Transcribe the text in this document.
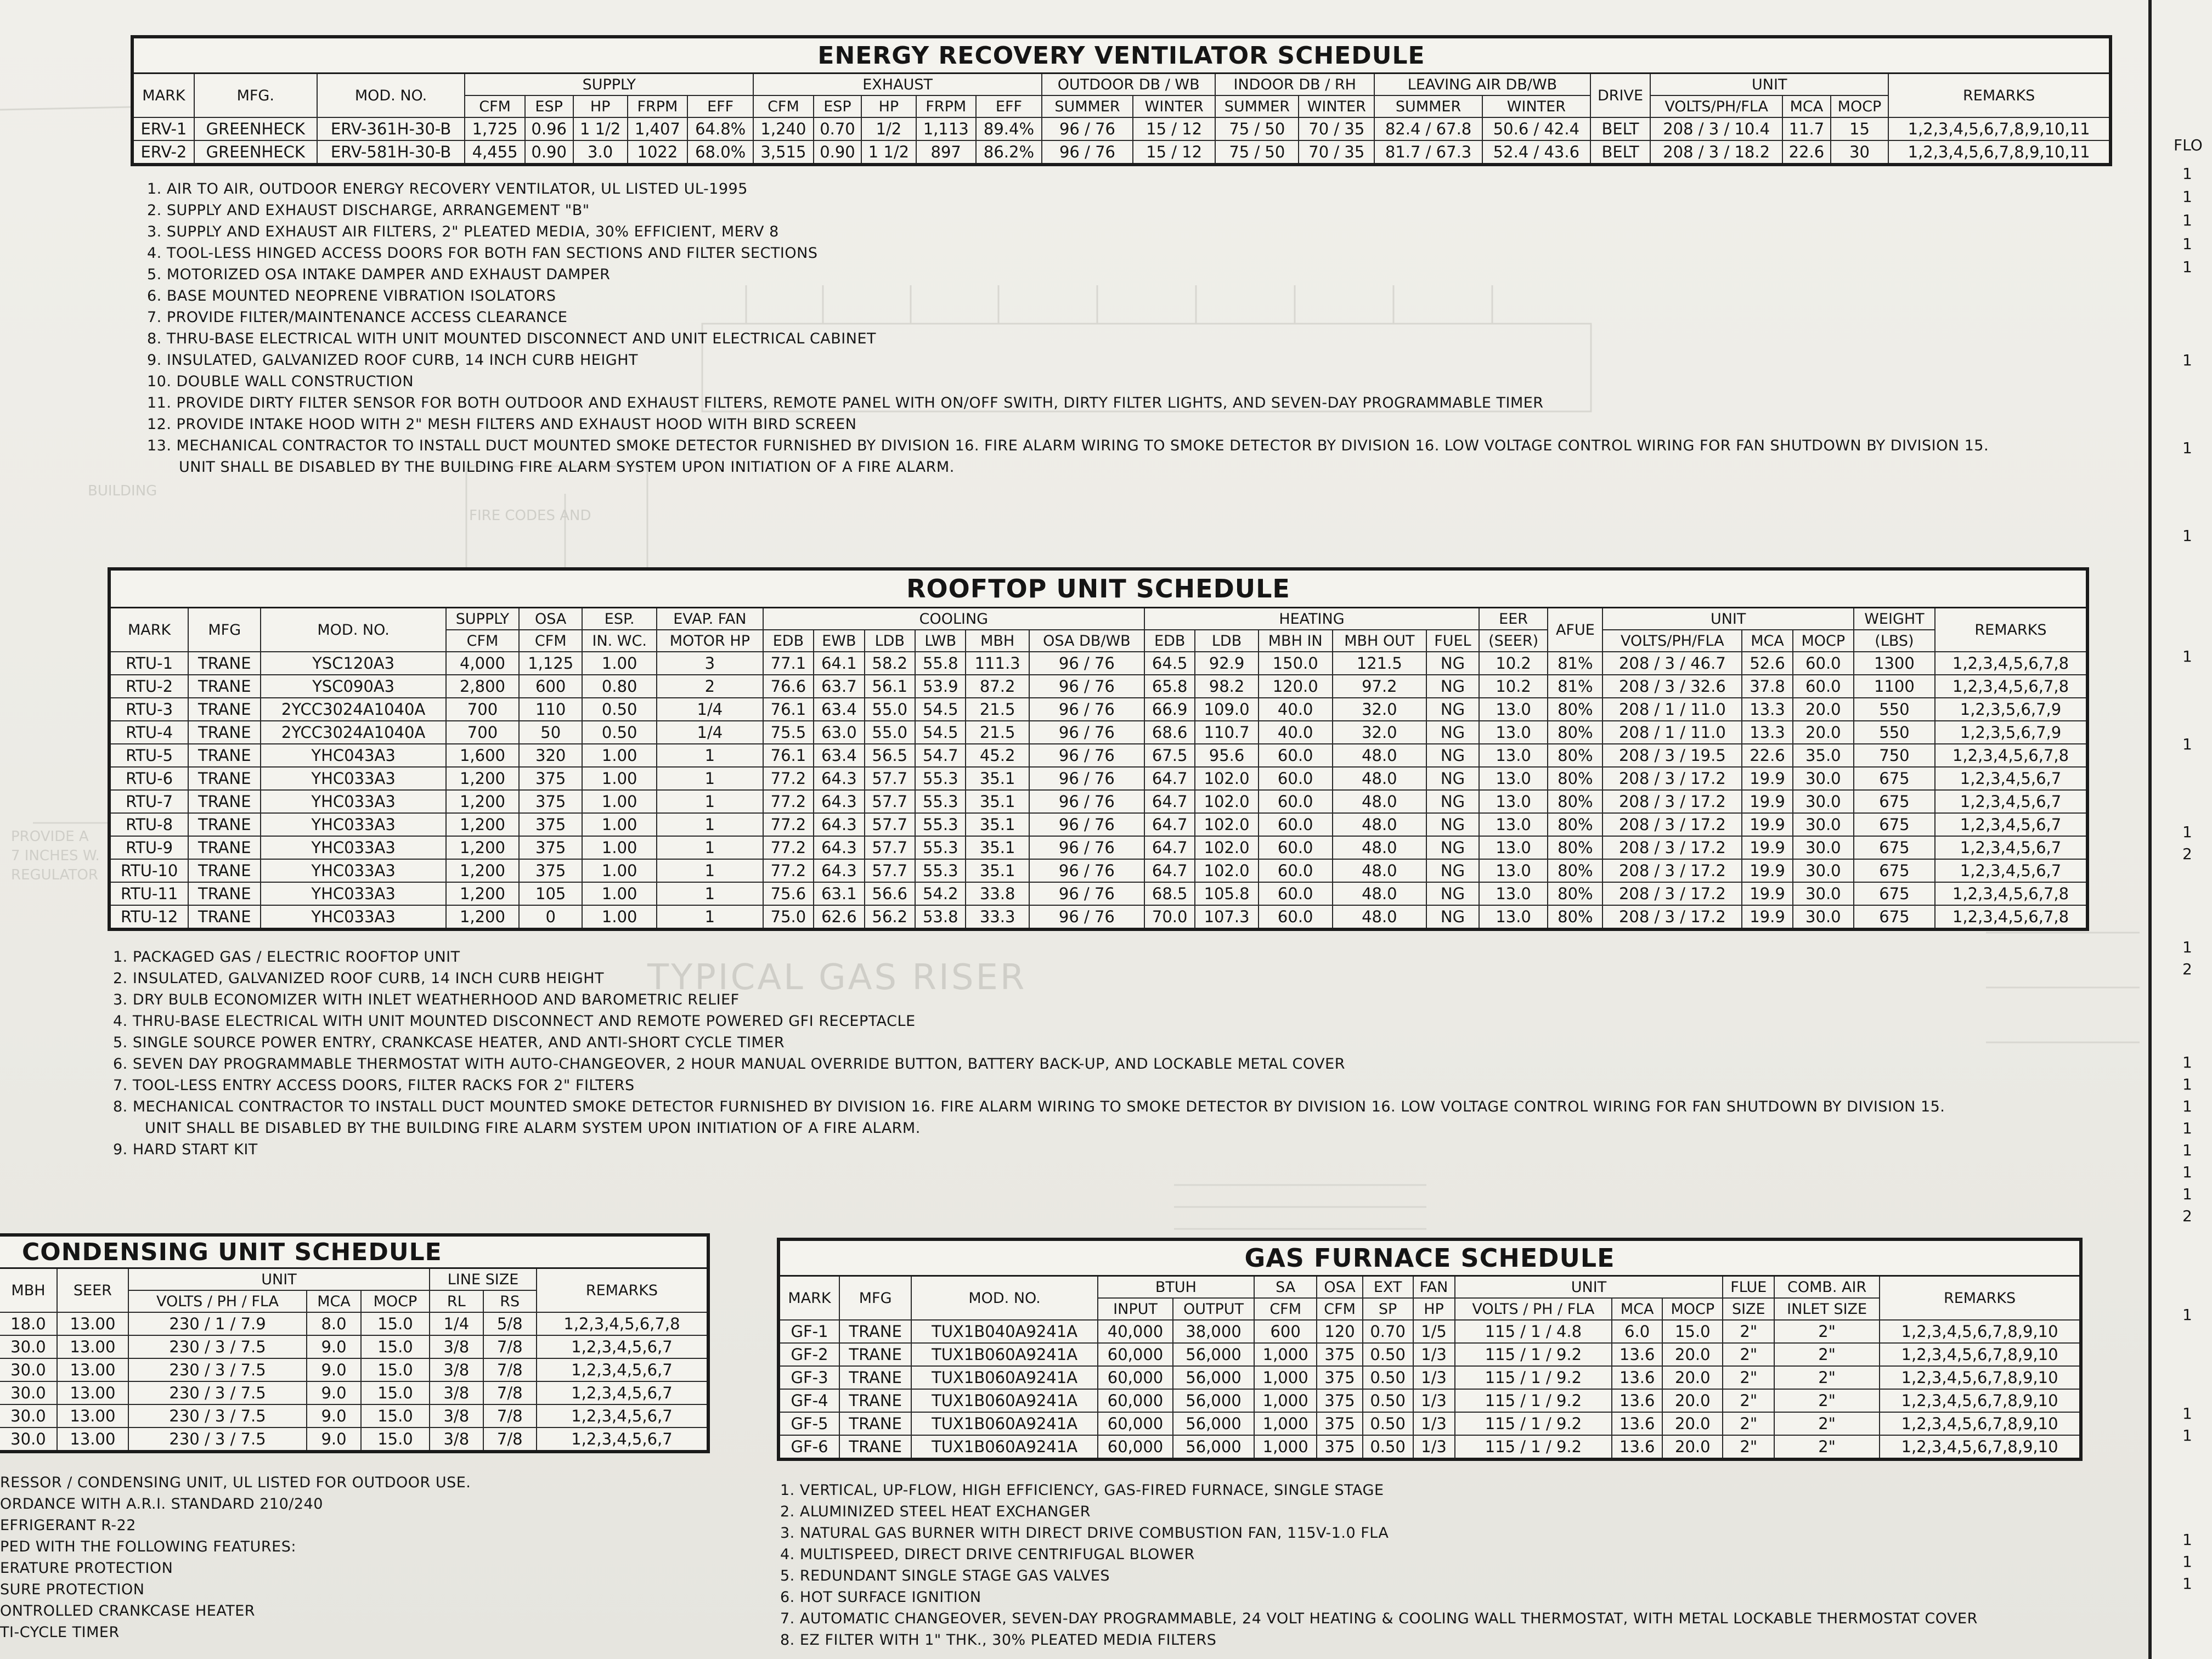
TYPICAL GAS RISER
FIRE CODES AND
BUILDING
PROVIDE A
7 INCHES W.
REGULATOR
ENERGY RECOVERY VENTILATOR SCHEDULE																							
MARK	MFG.	MOD. NO.	SUPPLY					EXHAUST					OUTDOOR DB / WB		INDOOR DB / RH		LEAVING AIR DB/WB		DRIVE	UNIT			REMARKS
			CFM	ESP	HP	FRPM	EFF	CFM	ESP	HP	FRPM	EFF	SUMMER	WINTER	SUMMER	WINTER	SUMMER	WINTER		VOLTS/PH/FLA	MCA	MOCP	
ERV-1	GREENHECK	ERV-361H-30-B	1,725	0.96	1 1/2	1,407	64.8%	1,240	0.70	1/2	1,113	89.4%	96 / 76	15 / 12	75 / 50	70 / 35	82.4 / 67.8	50.6 / 42.4	BELT	208 / 3 / 10.4	11.7	15	1,2,3,4,5,6,7,8,9,10,11
ERV-2	GREENHECK	ERV-581H-30-B	4,455	0.90	3.0	1022	68.0%	3,515	0.90	1 1/2	897	86.2%	96 / 76	15 / 12	75 / 50	70 / 35	81.7 / 67.3	52.4 / 43.6	BELT	208 / 3 / 18.2	22.6	30	1,2,3,4,5,6,7,8,9,10,11
1. AIR TO AIR, OUTDOOR ENERGY RECOVERY VENTILATOR, UL LISTED UL-1995
2. SUPPLY AND EXHAUST DISCHARGE, ARRANGEMENT "B"
3. SUPPLY AND EXHAUST AIR FILTERS, 2" PLEATED MEDIA, 30% EFFICIENT, MERV 8
4. TOOL-LESS HINGED ACCESS DOORS FOR BOTH FAN SECTIONS AND FILTER SECTIONS
5. MOTORIZED OSA INTAKE DAMPER AND EXHAUST DAMPER
6. BASE MOUNTED NEOPRENE VIBRATION ISOLATORS
7. PROVIDE FILTER/MAINTENANCE ACCESS CLEARANCE
8. THRU-BASE ELECTRICAL WITH UNIT MOUNTED DISCONNECT AND UNIT ELECTRICAL CABINET
9. INSULATED, GALVANIZED ROOF CURB, 14 INCH CURB HEIGHT
10. DOUBLE WALL CONSTRUCTION
11. PROVIDE DIRTY FILTER SENSOR FOR BOTH OUTDOOR AND EXHAUST FILTERS, REMOTE PANEL WITH ON/OFF SWITH, DIRTY FILTER LIGHTS, AND SEVEN-DAY PROGRAMMABLE TIMER
12. PROVIDE INTAKE HOOD WITH 2" MESH FILTERS AND EXHAUST HOOD WITH BIRD SCREEN
13. MECHANICAL CONTRACTOR TO INSTALL DUCT MOUNTED SMOKE DETECTOR FURNISHED BY DIVISION 16. FIRE ALARM WIRING TO SMOKE DETECTOR BY DIVISION 16. LOW VOLTAGE CONTROL WIRING FOR FAN SHUTDOWN BY DIVISION 15.
UNIT SHALL BE DISABLED BY THE BUILDING FIRE ALARM SYSTEM UPON INITIATION OF A FIRE ALARM.
ROOFTOP UNIT SCHEDULE																								
MARK	MFG	MOD. NO.	SUPPLY	OSA	ESP.	EVAP. FAN	COOLING						HEATING					EER	AFUE	UNIT			WEIGHT	REMARKS
			CFM	CFM	IN. WC.	MOTOR HP	EDB	EWB	LDB	LWB	MBH	OSA DB/WB	EDB	LDB	MBH IN	MBH OUT	FUEL	(SEER)		VOLTS/PH/FLA	MCA	MOCP	(LBS)	
RTU-1	TRANE	YSC120A3	4,000	1,125	1.00	3	77.1	64.1	58.2	55.8	111.3	96 / 76	64.5	92.9	150.0	121.5	NG	10.2	81%	208 / 3 / 46.7	52.6	60.0	1300	1,2,3,4,5,6,7,8
RTU-2	TRANE	YSC090A3	2,800	600	0.80	2	76.6	63.7	56.1	53.9	87.2	96 / 76	65.8	98.2	120.0	97.2	NG	10.2	81%	208 / 3 / 32.6	37.8	60.0	1100	1,2,3,4,5,6,7,8
RTU-3	TRANE	2YCC3024A1040A	700	110	0.50	1/4	76.1	63.4	55.0	54.5	21.5	96 / 76	66.9	109.0	40.0	32.0	NG	13.0	80%	208 / 1 / 11.0	13.3	20.0	550	1,2,3,5,6,7,9
RTU-4	TRANE	2YCC3024A1040A	700	50	0.50	1/4	75.5	63.0	55.0	54.5	21.5	96 / 76	68.6	110.7	40.0	32.0	NG	13.0	80%	208 / 1 / 11.0	13.3	20.0	550	1,2,3,5,6,7,9
RTU-5	TRANE	YHC043A3	1,600	320	1.00	1	76.1	63.4	56.5	54.7	45.2	96 / 76	67.5	95.6	60.0	48.0	NG	13.0	80%	208 / 3 / 19.5	22.6	35.0	750	1,2,3,4,5,6,7,8
RTU-6	TRANE	YHC033A3	1,200	375	1.00	1	77.2	64.3	57.7	55.3	35.1	96 / 76	64.7	102.0	60.0	48.0	NG	13.0	80%	208 / 3 / 17.2	19.9	30.0	675	1,2,3,4,5,6,7
RTU-7	TRANE	YHC033A3	1,200	375	1.00	1	77.2	64.3	57.7	55.3	35.1	96 / 76	64.7	102.0	60.0	48.0	NG	13.0	80%	208 / 3 / 17.2	19.9	30.0	675	1,2,3,4,5,6,7
RTU-8	TRANE	YHC033A3	1,200	375	1.00	1	77.2	64.3	57.7	55.3	35.1	96 / 76	64.7	102.0	60.0	48.0	NG	13.0	80%	208 / 3 / 17.2	19.9	30.0	675	1,2,3,4,5,6,7
RTU-9	TRANE	YHC033A3	1,200	375	1.00	1	77.2	64.3	57.7	55.3	35.1	96 / 76	64.7	102.0	60.0	48.0	NG	13.0	80%	208 / 3 / 17.2	19.9	30.0	675	1,2,3,4,5,6,7
RTU-10	TRANE	YHC033A3	1,200	375	1.00	1	77.2	64.3	57.7	55.3	35.1	96 / 76	64.7	102.0	60.0	48.0	NG	13.0	80%	208 / 3 / 17.2	19.9	30.0	675	1,2,3,4,5,6,7
RTU-11	TRANE	YHC033A3	1,200	105	1.00	1	75.6	63.1	56.6	54.2	33.8	96 / 76	68.5	105.8	60.0	48.0	NG	13.0	80%	208 / 3 / 17.2	19.9	30.0	675	1,2,3,4,5,6,7,8
RTU-12	TRANE	YHC033A3	1,200	0	1.00	1	75.0	62.6	56.2	53.8	33.3	96 / 76	70.0	107.3	60.0	48.0	NG	13.0	80%	208 / 3 / 17.2	19.9	30.0	675	1,2,3,4,5,6,7,8
1. PACKAGED GAS / ELECTRIC ROOFTOP UNIT
2. INSULATED, GALVANIZED ROOF CURB, 14 INCH CURB HEIGHT
3. DRY BULB ECONOMIZER WITH INLET WEATHERHOOD AND BAROMETRIC RELIEF
4. THRU-BASE ELECTRICAL WITH UNIT MOUNTED DISCONNECT AND REMOTE POWERED GFI RECEPTACLE
5. SINGLE SOURCE POWER ENTRY, CRANKCASE HEATER, AND ANTI-SHORT CYCLE TIMER
6. SEVEN DAY PROGRAMMABLE THERMOSTAT WITH AUTO-CHANGEOVER, 2 HOUR MANUAL OVERRIDE BUTTON, BATTERY BACK-UP, AND LOCKABLE METAL COVER
7. TOOL-LESS ENTRY ACCESS DOORS, FILTER RACKS FOR 2" FILTERS
8. MECHANICAL CONTRACTOR TO INSTALL DUCT MOUNTED SMOKE DETECTOR FURNISHED BY DIVISION 16. FIRE ALARM WIRING TO SMOKE DETECTOR BY DIVISION 16. LOW VOLTAGE CONTROL WIRING FOR FAN SHUTDOWN BY DIVISION 15.
UNIT SHALL BE DISABLED BY THE BUILDING FIRE ALARM SYSTEM UPON INITIATION OF A FIRE ALARM.
9. HARD START KIT
CONDENSING UNIT SCHEDULE							
MBH	SEER	UNIT			LINE SIZE		REMARKS
		VOLTS / PH / FLA	MCA	MOCP	RL	RS	
18.0	13.00	230 / 1 / 7.9	8.0	15.0	1/4	5/8	1,2,3,4,5,6,7,8
30.0	13.00	230 / 3 / 7.5	9.0	15.0	3/8	7/8	1,2,3,4,5,6,7
30.0	13.00	230 / 3 / 7.5	9.0	15.0	3/8	7/8	1,2,3,4,5,6,7
30.0	13.00	230 / 3 / 7.5	9.0	15.0	3/8	7/8	1,2,3,4,5,6,7
30.0	13.00	230 / 3 / 7.5	9.0	15.0	3/8	7/8	1,2,3,4,5,6,7
30.0	13.00	230 / 3 / 7.5	9.0	15.0	3/8	7/8	1,2,3,4,5,6,7
RESSOR / CONDENSING UNIT, UL LISTED FOR OUTDOOR USE.
ORDANCE WITH A.R.I. STANDARD 210/240
EFRIGERANT R-22
PED WITH THE FOLLOWING FEATURES:
ERATURE PROTECTION
SURE PROTECTION
ONTROLLED CRANKCASE HEATER
TI-CYCLE TIMER
GAS FURNACE SCHEDULE														
MARK	MFG	MOD. NO.	BTUH		SA	OSA	EXT	FAN	UNIT			FLUE	COMB. AIR	REMARKS
			INPUT	OUTPUT	CFM	CFM	SP	HP	VOLTS / PH / FLA	MCA	MOCP	SIZE	INLET SIZE	
GF-1	TRANE	TUX1B040A9241A	40,000	38,000	600	120	0.70	1/5	115 / 1 / 4.8	6.0	15.0	2"	2"	1,2,3,4,5,6,7,8,9,10
GF-2	TRANE	TUX1B060A9241A	60,000	56,000	1,000	375	0.50	1/3	115 / 1 / 9.2	13.6	20.0	2"	2"	1,2,3,4,5,6,7,8,9,10
GF-3	TRANE	TUX1B060A9241A	60,000	56,000	1,000	375	0.50	1/3	115 / 1 / 9.2	13.6	20.0	2"	2"	1,2,3,4,5,6,7,8,9,10
GF-4	TRANE	TUX1B060A9241A	60,000	56,000	1,000	375	0.50	1/3	115 / 1 / 9.2	13.6	20.0	2"	2"	1,2,3,4,5,6,7,8,9,10
GF-5	TRANE	TUX1B060A9241A	60,000	56,000	1,000	375	0.50	1/3	115 / 1 / 9.2	13.6	20.0	2"	2"	1,2,3,4,5,6,7,8,9,10
GF-6	TRANE	TUX1B060A9241A	60,000	56,000	1,000	375	0.50	1/3	115 / 1 / 9.2	13.6	20.0	2"	2"	1,2,3,4,5,6,7,8,9,10
1. VERTICAL, UP-FLOW, HIGH EFFICIENCY, GAS-FIRED FURNACE, SINGLE STAGE
2. ALUMINIZED STEEL HEAT EXCHANGER
3. NATURAL GAS BURNER WITH DIRECT DRIVE COMBUSTION FAN, 115V-1.0 FLA
4. MULTISPEED, DIRECT DRIVE CENTRIFUGAL BLOWER
5. REDUNDANT SINGLE STAGE GAS VALVES
6. HOT SURFACE IGNITION
7. AUTOMATIC CHANGEOVER, SEVEN-DAY PROGRAMMABLE, 24 VOLT HEATING & COOLING WALL THERMOSTAT, WITH METAL LOCKABLE THERMOSTAT COVER
8. EZ FILTER WITH 1" THK., 30% PLEATED MEDIA FILTERS
FLO
1
1
1
1
1
1
1
1
1
1
1
2
1
2
1
1
1
1
1
1
1
2
1
1
1
1
1
1
